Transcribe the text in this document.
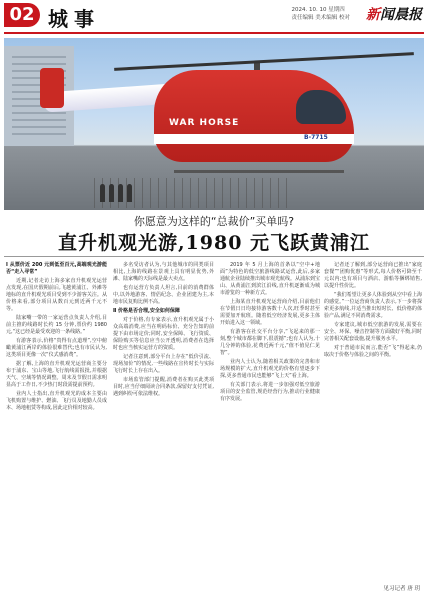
02 城事	2024. 10. 10 星期四
责任编辑 美术编辑 校对 新闻晨报
WAR HORSE
B-7715
你愿意为这样的“总裁价”买单吗?
直升机观光游,1980 元飞跃黄浦江

Ⅰ 从票价近 200 元到低至百元,高端观光游能否“走入寻常”

近期,记者走访上海多家直升机观光运营点发现,在国庆假期前后,飞越黄浦江、外滩等地标的直升机观光项目受到不少游客关注。从价格来看,部分项目从数百元到近两千元不等。

陆家嘴一带的一家运营点负责人介绍,目前主推的线路时长约 15 分钟,票价约 1980 元,“这已经是最受欢迎的一条线路。”

有游客表示,价格“贵得有点道理”,空中俯瞰黄浦江两岸的体验很难替代;也有市民认为,这类项目更像一次“仪式感消费”。

据了解,上海的直升机观光运营商主要分布于浦东、宝山等地,飞行航线需报批,并根据天气、空域等情况调整。周末及节假日需求明显高于工作日,不少热门时段需提前预约。

业内人士指出,直升机观光的成本主要由飞机购置与维护、燃油、飞行员及地勤人员成本、场地租赁等构成,因此定价相对较高。

多名受访者认为,与其他城市的同类项目相比,上海的线路在景观上具有明显优势,外滩、陆家嘴的天际线是最大卖点。

也有运营方负责人坦言,目前的消费群体中,以外地游客、情侣纪念、企业团建为主,本地市民复购比例不高。

Ⅱ 价格是否合理,安全如何保障

对于价格,有专家表示,直升机观光属于小众高端消费,应当在明码标价、充分告知的前提下由市场定价;同时,安全保障、飞行资质、保险购买等信息应当公开透明,消费者在选择时也应当核实运营方的资质。

记者注意到,部分平台上存在“低价引流、现场加价”的情况,一些线路在宣传时长与实际飞行时长上存在出入。

市场监管部门提醒,消费者在购买此类项目时,应当仔细阅读合同条款,保留好支付凭证,遇到纠纷可依法维权。

2019 年 5 月上海的首条以“空中+地面”为特色的低空旅游线路试运营,此后,多家通航企业陆续推出城市观光航线。从浦东到宝山、从黄浦江到滨江沿线,直升机逐渐成为城市游览的一种新方式。

上海某直升机观光运营商介绍,目前他们在节假日日均接待游客数十人次,旺季时甚至需要加开航班。随着低空经济发展,更多主体开始进入这一领域。

有游客在社交平台分享,“飞起来的那一刻,整个城市都在脚下,很震撼”;也有人认为,十几分钟的体验,花费近两千元,“值不值见仁见智”。

业内人士认为,随着相关政策的完善和市场规模的扩大,直升机观光的价格有望逐步下探,更多普通市民也能够“飞上天”看上海。

有关部门表示,将进一步加强对低空旅游项目的安全监管,规范经营行为,推动行业健康有序发展。

记者还了解到,部分运营商已推出“家庭套餐”“团购优惠”等形式,每人价格可降至千元以内;也有项目与酒店、游船等捆绑销售,以提升性价比。

“我们希望让更多人体验到从空中看上海的感觉。”一位运营商负责人表示,下一步将探索更多航线,并适当推出短时长、低价格的体验产品,满足不同消费需求。

专家建议,城市低空旅游的发展,需要在安全、环保、噪音控制等方面做好平衡,同时完善相关配套设施,提升服务水平。

对于普通市民而言,能否“飞”得起来,仍取决于价格与体验之间的平衡。

见习记者 唐 玥
